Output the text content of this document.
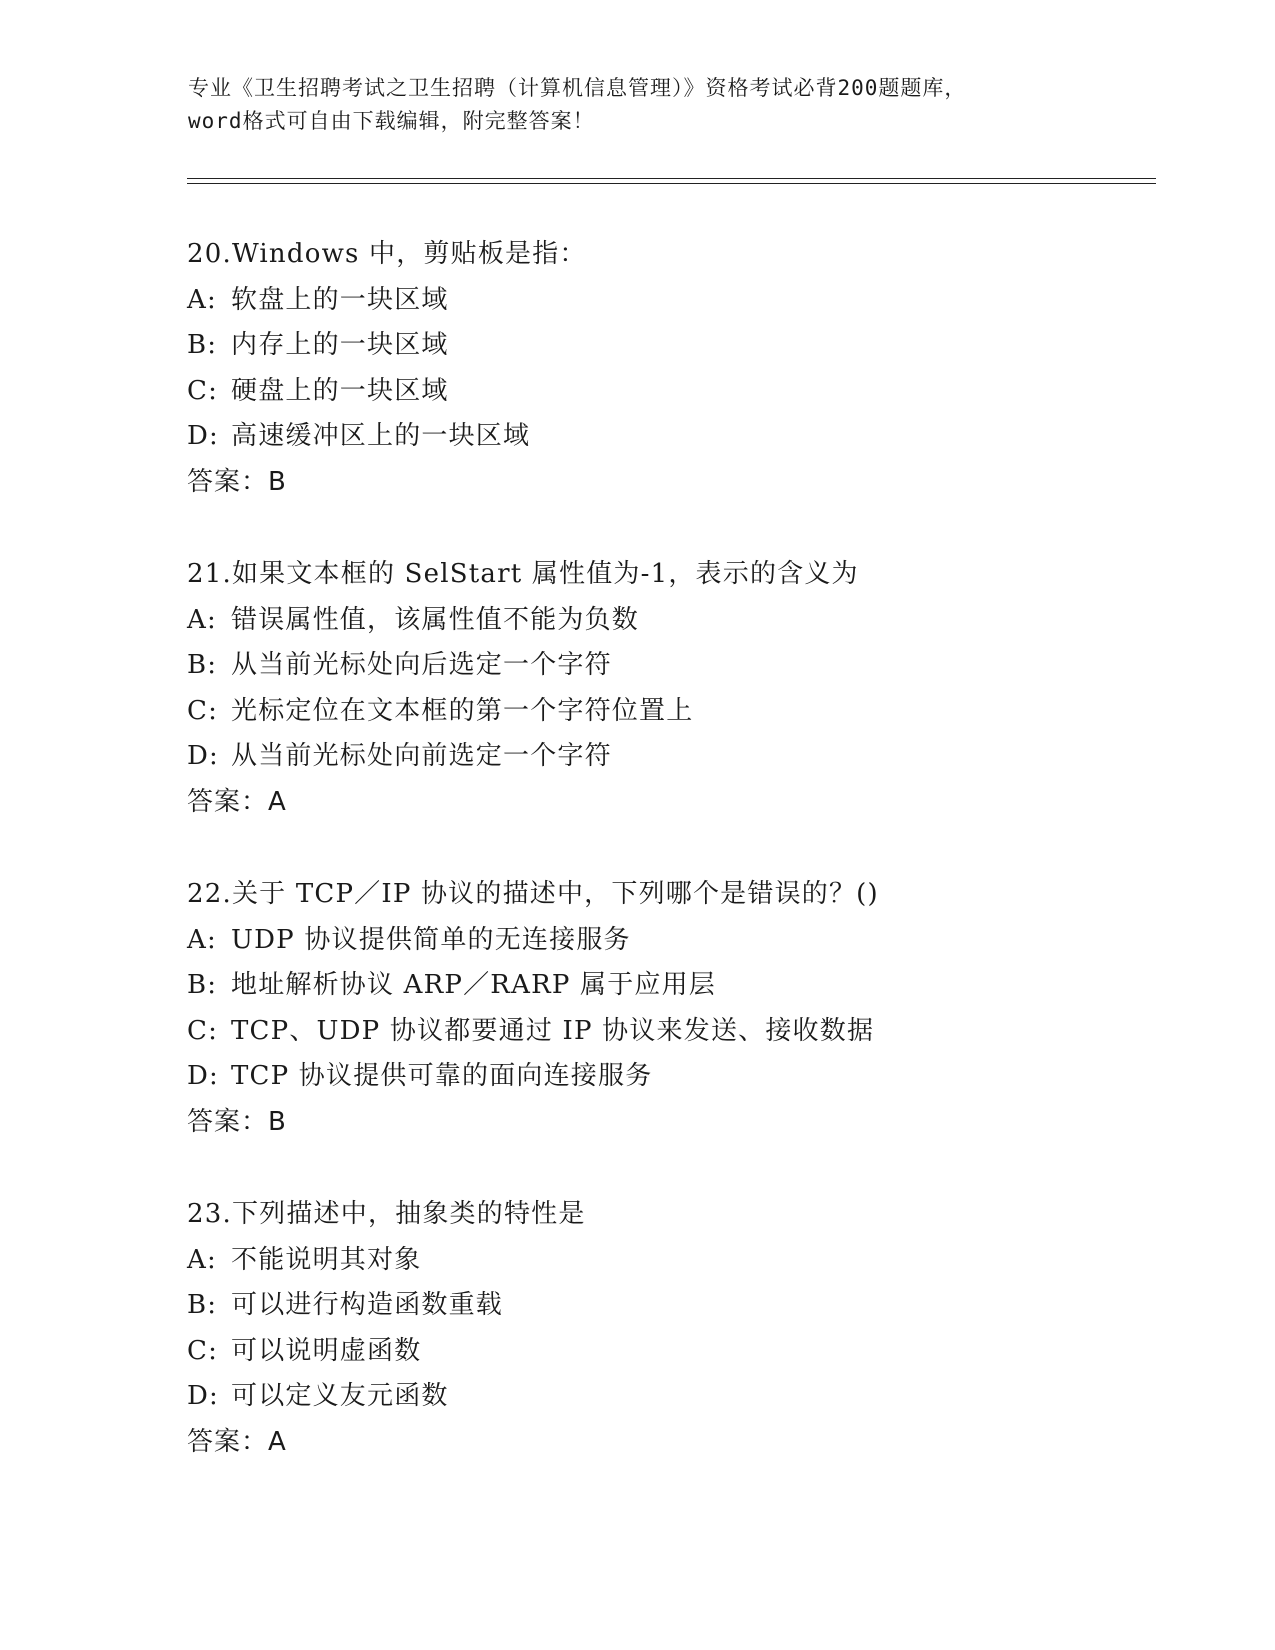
专业《卫生招聘考试之卫生招聘（计算机信息管理）》资格考试必背200题题库，
word格式可自由下载编辑，附完整答案！
20.Windows 中，剪贴板是指：
A: 软盘上的一块区域
B: 内存上的一块区域
C: 硬盘上的一块区域
D: 高速缓冲区上的一块区域
答案：B
21.如果文本框的 SelStart 属性值为-1，表示的含义为
A: 错误属性值，该属性值不能为负数
B: 从当前光标处向后选定一个字符
C: 光标定位在文本框的第一个字符位置上
D: 从当前光标处向前选定一个字符
答案：A
22.关于 TCP／IP 协议的描述中，下列哪个是错误的？()
A: UDP 协议提供简单的无连接服务
B: 地址解析协议 ARP／RARP 属于应用层
C: TCP、UDP 协议都要通过 IP 协议来发送、接收数据
D: TCP 协议提供可靠的面向连接服务
答案：B
23.下列描述中，抽象类的特性是
A: 不能说明其对象
B: 可以进行构造函数重载
C: 可以说明虚函数
D: 可以定义友元函数
答案：A
